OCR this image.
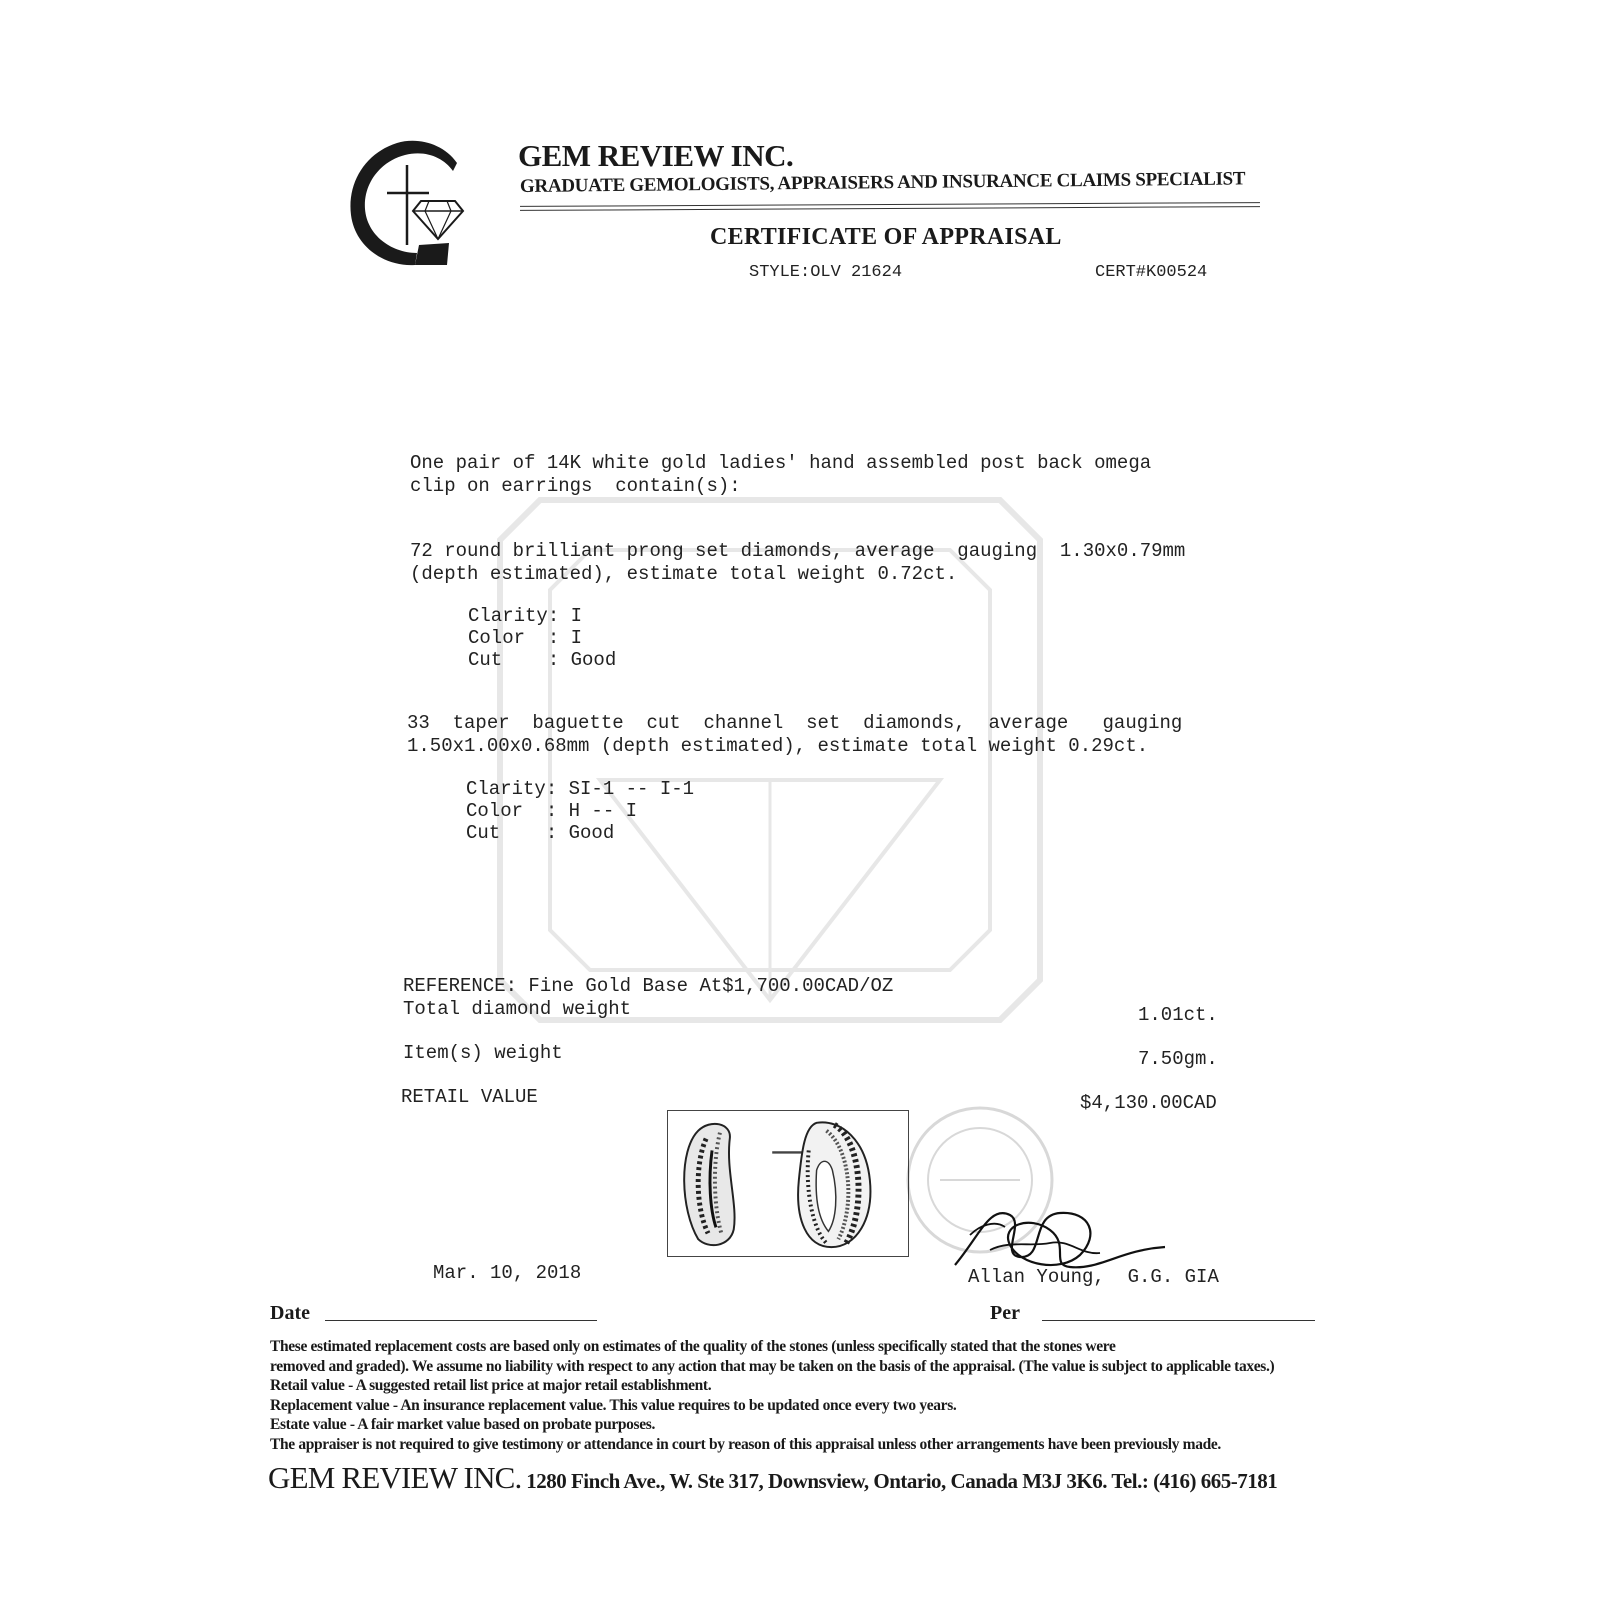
GEM REVIEW INC.
GRADUATE GEMOLOGISTS, APPRAISERS AND INSURANCE CLAIMS SPECIALIST
CERTIFICATE OF APPRAISAL
STYLE:OLV 21624	CERT#K00524
One pair of 14K white gold ladies' hand assembled post back omega
clip on earrings  contain(s):
72 round brilliant prong set diamonds, average  gauging  1.30x0.79mm
(depth estimated), estimate total weight 0.72ct.
Clarity: I
Color  : I
Cut    : Good
33  taper  baguette  cut  channel  set  diamonds,  average   gauging
1.50x1.00x0.68mm (depth estimated), estimate total weight 0.29ct.
Clarity: SI-1 -- I-1
Color  : H -- I
Cut    : Good
REFERENCE: Fine Gold Base At$1,700.00CAD/OZ
Total diamond weight	1.01ct.
Item(s) weight	7.50gm.
RETAIL VALUE	$4,130.00CAD
Allan Young,  G.G. GIA
Mar. 10, 2018
Date	Per
These estimated replacement costs are based only on estimates of the quality of the stones (unless specifically stated that the stones were
removed and graded). We assume no liability with respect to any action that may be taken on the basis of the appraisal. (The value is subject to applicable taxes.)
Retail value - A suggested retail list price at major retail establishment.
Replacement value - An insurance replacement value. This value requires to be updated once every two years.
Estate value - A fair market value based on probate purposes.
The appraiser is not required to give testimony or attendance in court by reason of this appraisal unless other arrangements have been previously made.
GEM REVIEW INC. 1280 Finch Ave., W. Ste 317, Downsview, Ontario, Canada M3J 3K6. Tel.: (416) 665-7181
